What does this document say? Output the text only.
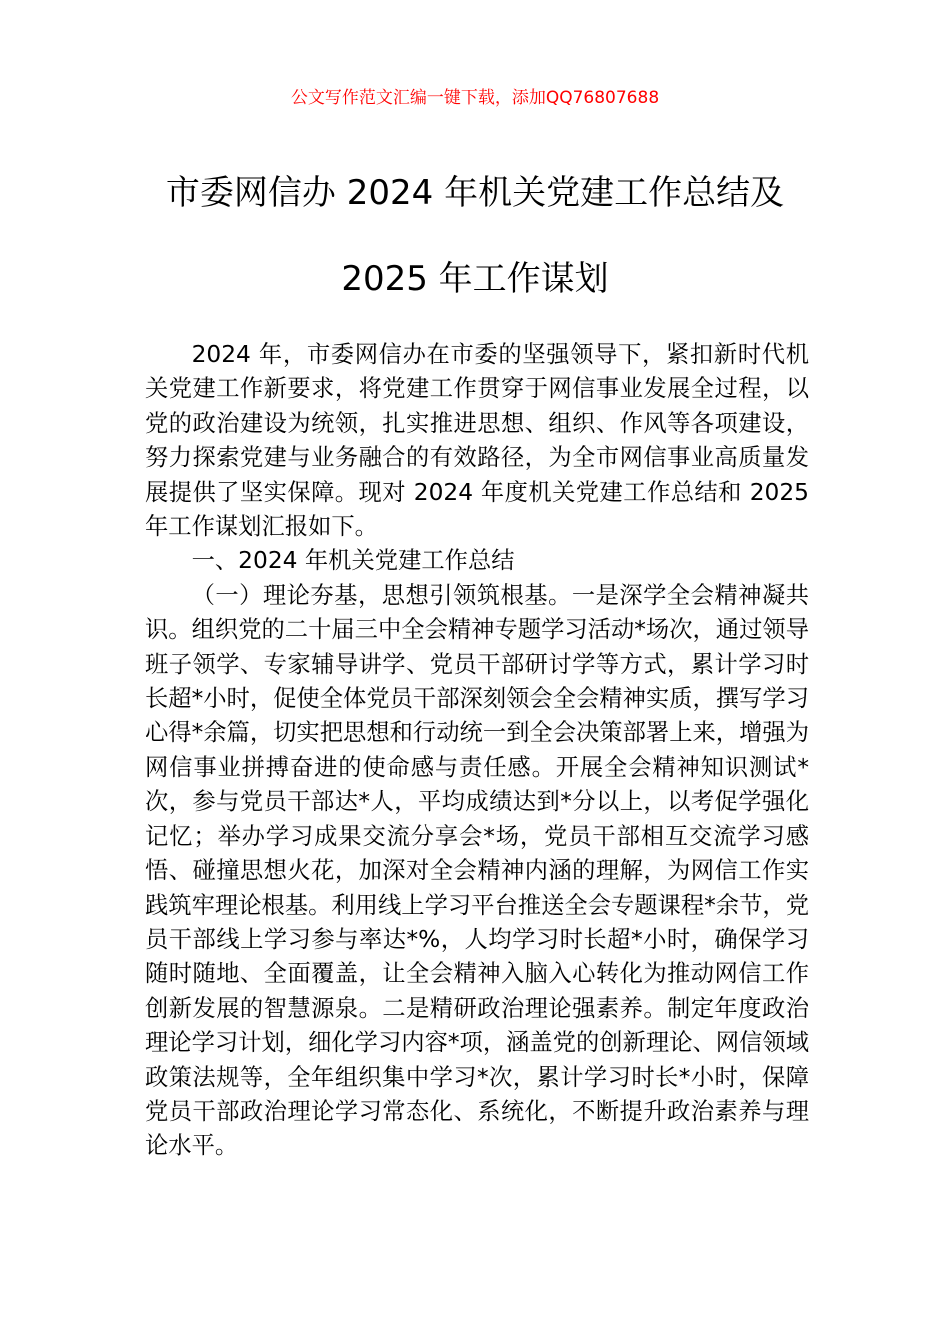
公文写作范文汇编一键下载，添加QQ76807688

市委网信办 2024 年机关党建工作总结及
2025 年工作谋划

2024 年，市委网信办在市委的坚强领导下，紧扣新时代机关党建工作新要求，将党建工作贯穿于网信事业发展全过程，以党的政治建设为统领，扎实推进思想、组织、作风等各项建设，努力探索党建与业务融合的有效路径，为全市网信事业高质量发展提供了坚实保障。现对 2024 年度机关党建工作总结和 2025 年工作谋划汇报如下。

一、2024 年机关党建工作总结

（一）理论夯基，思想引领筑根基。一是深学全会精神凝共识。组织党的二十届三中全会精神专题学习活动*场次，通过领导班子领学、专家辅导讲学、党员干部研讨学等方式，累计学习时长超*小时，促使全体党员干部深刻领会全会精神实质，撰写学习心得*余篇，切实把思想和行动统一到全会决策部署上来，增强为网信事业拼搏奋进的使命感与责任感。开展全会精神知识测试*次，参与党员干部达*人，平均成绩达到*分以上，以考促学强化记忆；举办学习成果交流分享会*场，党员干部相互交流学习感悟、碰撞思想火花，加深对全会精神内涵的理解，为网信工作实践筑牢理论根基。利用线上学习平台推送全会专题课程*余节，党员干部线上学习参与率达*%，人均学习时长超*小时，确保学习随时随地、全面覆盖，让全会精神入脑入心转化为推动网信工作创新发展的智慧源泉。二是精研政治理论强素养。制定年度政治理论学习计划，细化学习内容*项，涵盖党的创新理论、网信领域政策法规等，全年组织集中学习*次，累计学习时长*小时，保障党员干部政治理论学习常态化、系统化，不断提升政治素养与理论水平。
